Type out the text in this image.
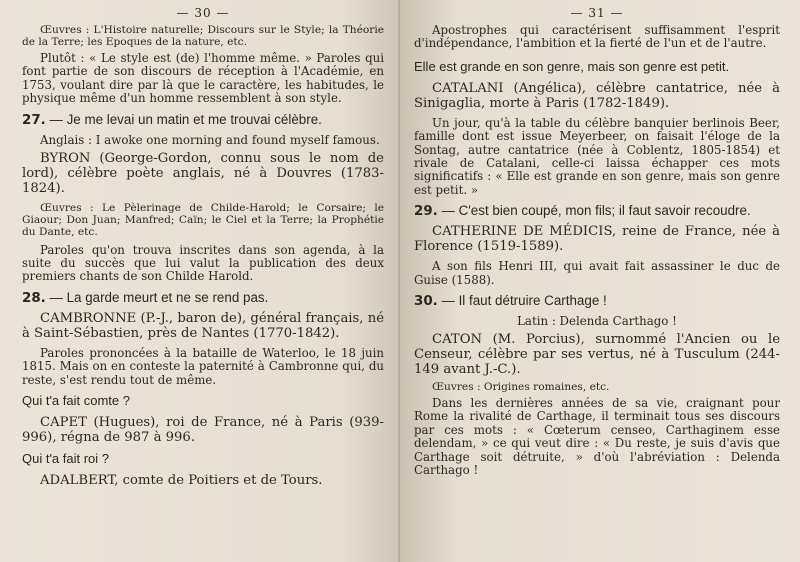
— 30 —

Œuvres : L'Histoire naturelle; Discours sur le Style; la Théorie de la Terre; les Epoques de la nature, etc.

Plutôt : « Le style est (de) l'homme même. » Paroles qui font partie de son discours de réception à l'Académie, en 1753, voulant dire par là que le caractère, les habitudes, le physique même d'un homme ressemblent à son style.

27. — Je me levai un matin et me trouvai célèbre.

Anglais : I awoke one morning and found myself famous.

BYRON (George-Gordon, connu sous le nom de lord), célèbre poète anglais, né à Douvres (1783-1824).

Œuvres : Le Pèlerinage de Childe-Harold; le Corsaire; le Giaour; Don Juan; Manfred; Caïn; le Ciel et la Terre; la Prophétie du Dante, etc.

Paroles qu'on trouva inscrites dans son agenda, à la suite du succès que lui valut la publication des deux premiers chants de son Childe Harold.

28. — La garde meurt et ne se rend pas.

CAMBRONNE (P.-J., baron de), général français, né à Saint-Sébastien, près de Nantes (1770-1842).

Paroles prononcées à la bataille de Waterloo, le 18 juin 1815. Mais on en conteste la paternité à Cambronne qui, du reste, s'est rendu tout de même.

Qui t'a fait comte ?

CAPET (Hugues), roi de France, né à Paris (939-996), régna de 987 à 996.

Qui t'a fait roi ?

ADALBERT, comte de Poitiers et de Tours.

— 31 —

Apostrophes qui caractérisent suffisamment l'esprit d'indépendance, l'ambition et la fierté de l'un et de l'autre.

Elle est grande en son genre, mais son genre est petit.

CATALANI (Angélica), célèbre cantatrice, née à Sinigaglia, morte à Paris (1782-1849).

Un jour, qu'à la table du célèbre banquier berlinois Beer, famille dont est issue Meyerbeer, on faisait l'éloge de la Sontag, autre cantatrice (née à Coblentz, 1805-1854) et rivale de Catalani, celle-ci laissa échapper ces mots significatifs : « Elle est grande en son genre, mais son genre est petit. »

29. — C'est bien coupé, mon fils; il faut savoir recoudre.

CATHERINE DE MÉDICIS, reine de France, née à Florence (1519-1589).

A son fils Henri III, qui avait fait assassiner le duc de Guise (1588).

30. — Il faut détruire Carthage !

Latin : Delenda Carthago !

CATON (M. Porcius), surnommé l'Ancien ou le Censeur, célèbre par ses vertus, né à Tusculum (244-149 avant J.-C.).

Œuvres : Origines romaines, etc.

Dans les dernières années de sa vie, craignant pour Rome la rivalité de Carthage, il terminait tous ses discours par ces mots : « Cœterum censeo, Carthaginem esse delendam, » ce qui veut dire : « Du reste, je suis d'avis que Carthage soit détruite, » d'où l'abréviation : Delenda Carthago !
